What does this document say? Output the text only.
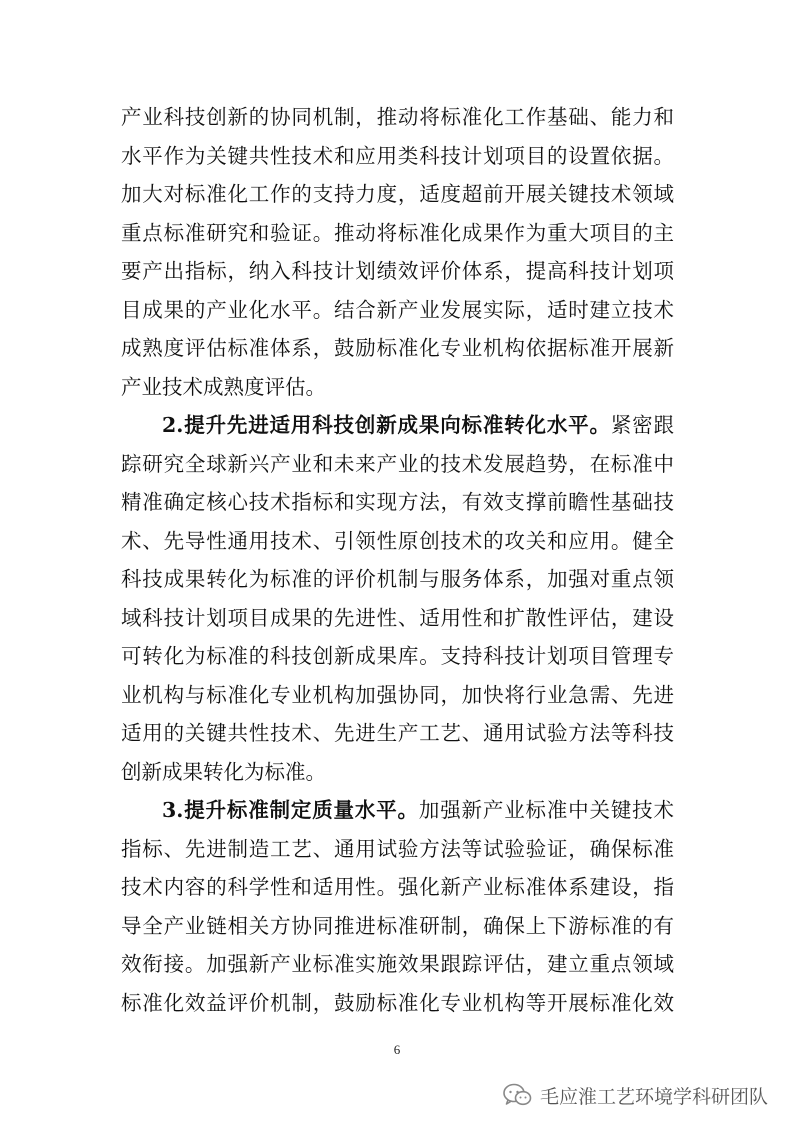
产业科技创新的协同机制，推动将标准化工作基础、能力和
水平作为关键共性技术和应用类科技计划项目的设置依据。
加大对标准化工作的支持力度，适度超前开展关键技术领域
重点标准研究和验证。推动将标准化成果作为重大项目的主
要产出指标，纳入科技计划绩效评价体系，提高科技计划项
目成果的产业化水平。结合新产业发展实际，适时建立技术
成熟度评估标准体系，鼓励标准化专业机构依据标准开展新
产业技术成熟度评估。
2.提升先进适用科技创新成果向标准转化水平。紧密跟
踪研究全球新兴产业和未来产业的技术发展趋势，在标准中
精准确定核心技术指标和实现方法，有效支撑前瞻性基础技
术、先导性通用技术、引领性原创技术的攻关和应用。健全
科技成果转化为标准的评价机制与服务体系，加强对重点领
域科技计划项目成果的先进性、适用性和扩散性评估，建设
可转化为标准的科技创新成果库。支持科技计划项目管理专
业机构与标准化专业机构加强协同，加快将行业急需、先进
适用的关键共性技术、先进生产工艺、通用试验方法等科技
创新成果转化为标准。
3.提升标准制定质量水平。加强新产业标准中关键技术
指标、先进制造工艺、通用试验方法等试验验证，确保标准
技术内容的科学性和适用性。强化新产业标准体系建设，指
导全产业链相关方协同推进标准研制，确保上下游标准的有
效衔接。加强新产业标准实施效果跟踪评估，建立重点领域
标准化效益评价机制，鼓励标准化专业机构等开展标准化效
6
毛应淮工艺环境学科研团队
